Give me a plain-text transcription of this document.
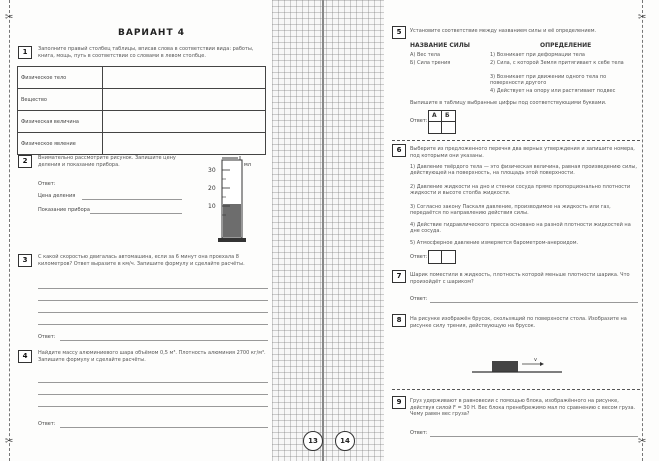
✂
✂
ВАРИАНТ 4
1	Заполните правый столбец таблицы, вписав слова в соответствии вида: работы, книга, мощь, путь в соответствии со словами в левом столбце.
Физическое тело	
Вещество	
Физическая величина	
Физическое явление	
2	Внимательно рассмотрите рисунок. Запишите цену деления и показание прибора.
Ответ:
Цена деления
Показание прибора
30
20
10
мл
3	С какой скоростью двигалась автомашина, если за 6 минут она проехала 8 километров? Ответ выразите в км/ч. Запишите формулу и сделайте расчёты.
Ответ:
4	Найдите массу алюминиевого шара объёмом 0,5 м³. Плотность алюминия 2700 кг/м³. Запишите формулу и сделайте расчёты.
Ответ:
✂
✂
5	Установите соответствие между названием силы и её определением.
НАЗВАНИЕ СИЛЫ	ОПРЕДЕЛЕНИЕ
А) Вес тела
Б) Сила трения
1) Возникает при деформации тела
2) Сила, с которой Земля притягивает к себе тела
3) Возникает при движении одного тела по поверхности другого
4) Действует на опору или растягивает подвес
Выпишите в таблицу выбранные цифры под соответствующими буквами.
Ответ:
А Б
6	Выберите из предложенного перечня два верных утверждения и запишите номера, под которыми они указаны.
1) Давление твёрдого тела — это физическая величина, равная произведению силы, действующей на поверхность, на площадь этой поверхности.
2) Давление жидкости на дно и стенки сосуда прямо пропорционально плотности жидкости и высоте столба жидкости.
3) Согласно закону Паскаля давление, производимое на жидкость или газ, передаётся по направлению действия силы.
4) Действие гидравлического пресса основано на разной плотности жидкостей на дне сосуда.
5) Атмосферное давление измеряется барометром-анероидом.
Ответ:
7	Шарик поместили в жидкость, плотность которой меньше плотности шарика. Что произойдёт с шариком?
Ответ:
8	На рисунке изображён брусок, скользящий по поверхности стола. Изобразите на рисунке силу трения, действующую на брусок.
v
9	Груз удерживают в равновесии с помощью блока, изображённого на рисунке, действуя силой F = 30 Н. Вес блока пренебрежимо мал по сравнению с весом груза. Чему равен вес груза?
Ответ:
13	14
